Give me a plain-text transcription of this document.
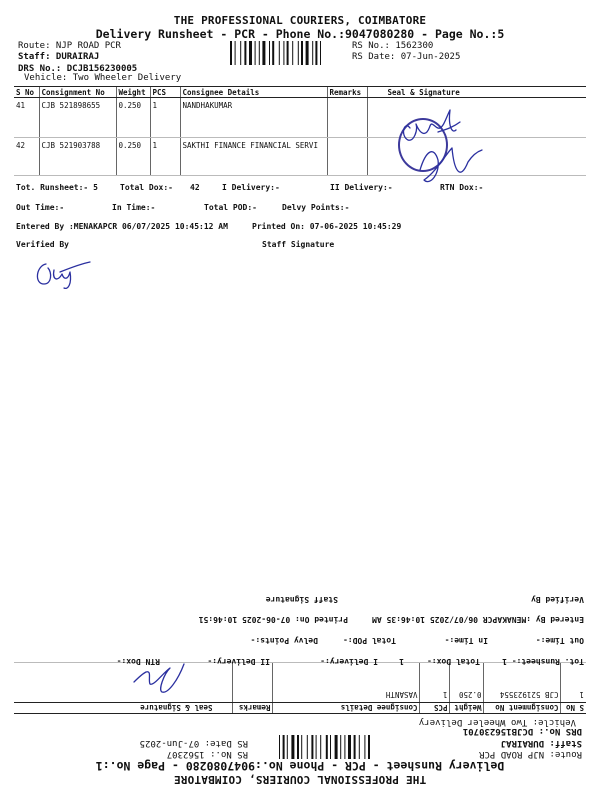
THE PROFESSIONAL COURIERS, COIMBATORE
Delivery Runsheet - PCR - Phone No.:9047080280 - Page No.:5
Route: NJP ROAD PCR
Staff: DURAIRAJ
DRS No.: DCJB156230005
Vehicle: Two Wheeler Delivery
RS No.: 1562300
RS Date: 07-Jun-2025
S No	Consignment No	Weight	PCS	Consignee Details	Remarks	Seal & Signature
41	CJB 521898655	0.250	1	NANDHAKUMAR		
42	CJB 521903788	0.250	1	SAKTHI FINANCE FINANCIAL SERVI		
Tot. Runsheet:- 5	Total Dox:- 42	I Delivery:-	II Delivery:-	RTN Dox:-
Out Time:-	In Time:-	Total POD:-	Delvy Points:-
Entered By :MENAKAPCR 06/07/2025 10:45:12 AM	Printed On: 07-06-2025 10:45:29
Verified By	Staff Signature
THE PROFESSIONAL COURIERS, COIMBATORE
Delivery Runsheet - PCR - Phone No.:9047080280 - Page No.:1
Route: NJP ROAD PCR
Staff: DURAIRAJ
DRS No.: DCJB156230701
Vehicle: Two Wheeler Delivery
RS No.: 1562307
RS Date: 07-Jun-2025
S No	Consignment No	Weight	PCS	Consignee Details	Remarks	Seal & Signature
1	CJB 521923554	0.250	1	VASANTH		
Tot. Runsheet:- 1
Total Dox:-
1
I Delivery:-
II Delivery:-
RTN Dox:-
Out Time:-
In Time:-
Total POD:-
Delvy Points:-
Entered By :MENAKAPCR 06/07/2025 10:46:35 AM
Printed On: 07-06-2025 10:46:51
Verified By
Staff Signature
